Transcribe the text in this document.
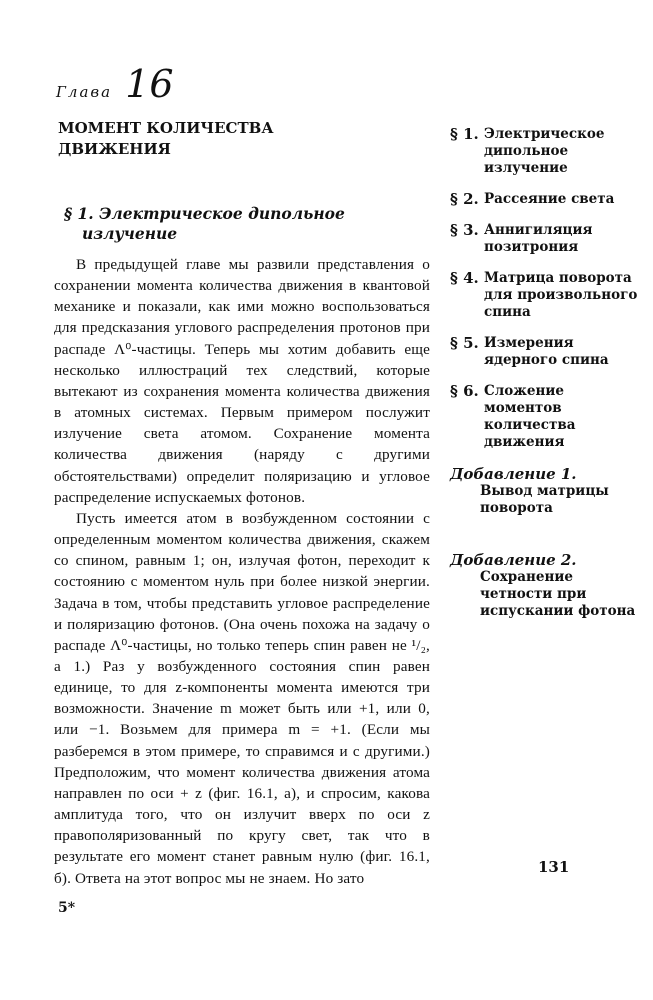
Глава 16
МОМЕНТ КОЛИЧЕСТВА
ДВИЖЕНИЯ
§ 1. Электрическое дипольное
излучение

В предыдущей главе мы развили представления о сохранении момента количества движения в квантовой механике и показали, как ими можно воспользоваться для предсказания углового распределения протонов при распаде Λ⁰-частицы. Теперь мы хотим добавить еще несколько иллюстраций тех следствий, которые вытекают из сохранения момента количества движения в атомных системах. Первым примером послужит излучение света атомом. Сохранение момента количества движения (наряду с другими обстоятельствами) определит поляризацию и угловое распределение испускаемых фотонов.

Пусть имеется атом в возбужденном состоянии с определенным моментом количества движения, скажем со спином, равным 1; он, излучая фотон, переходит к состоянию с моментом нуль при более низкой энергии. Задача в том, чтобы представить угловое распределение и поляризацию фотонов. (Она очень похожа на задачу о распаде Λ⁰-частицы, но только теперь спин равен не ¹/₂, а 1.) Раз у возбужденного состояния спин равен единице, то для z-компоненты момента имеются три возможности. Значение m может быть или +1, или 0, или −1. Возьмем для примера m = +1. (Если мы разберемся в этом примере, то справимся и с другими.) Предположим, что момент количества движения атома направлен по оси + z (фиг. 16.1, a), и спросим, какова амплитуда того, что он излучит вверх по оси z правополяризованный по кругу свет, так что в результате его момент станет равным нулю (фиг. 16.1, б). Ответа на этот вопрос мы не знаем. Но зато

§ 1. Электрическое дипольное излучение
§ 2. Рассеяние света
§ 3. Аннигиляция позитрония
§ 4. Матрица поворота для произвольного спина
§ 5. Измерения ядерного спина
§ 6. Сложение моментов количества движения
Добавление 1.
Вывод матрицы поворота
Добавление 2.
Сохранение четности при испускании фотона
131
5*
